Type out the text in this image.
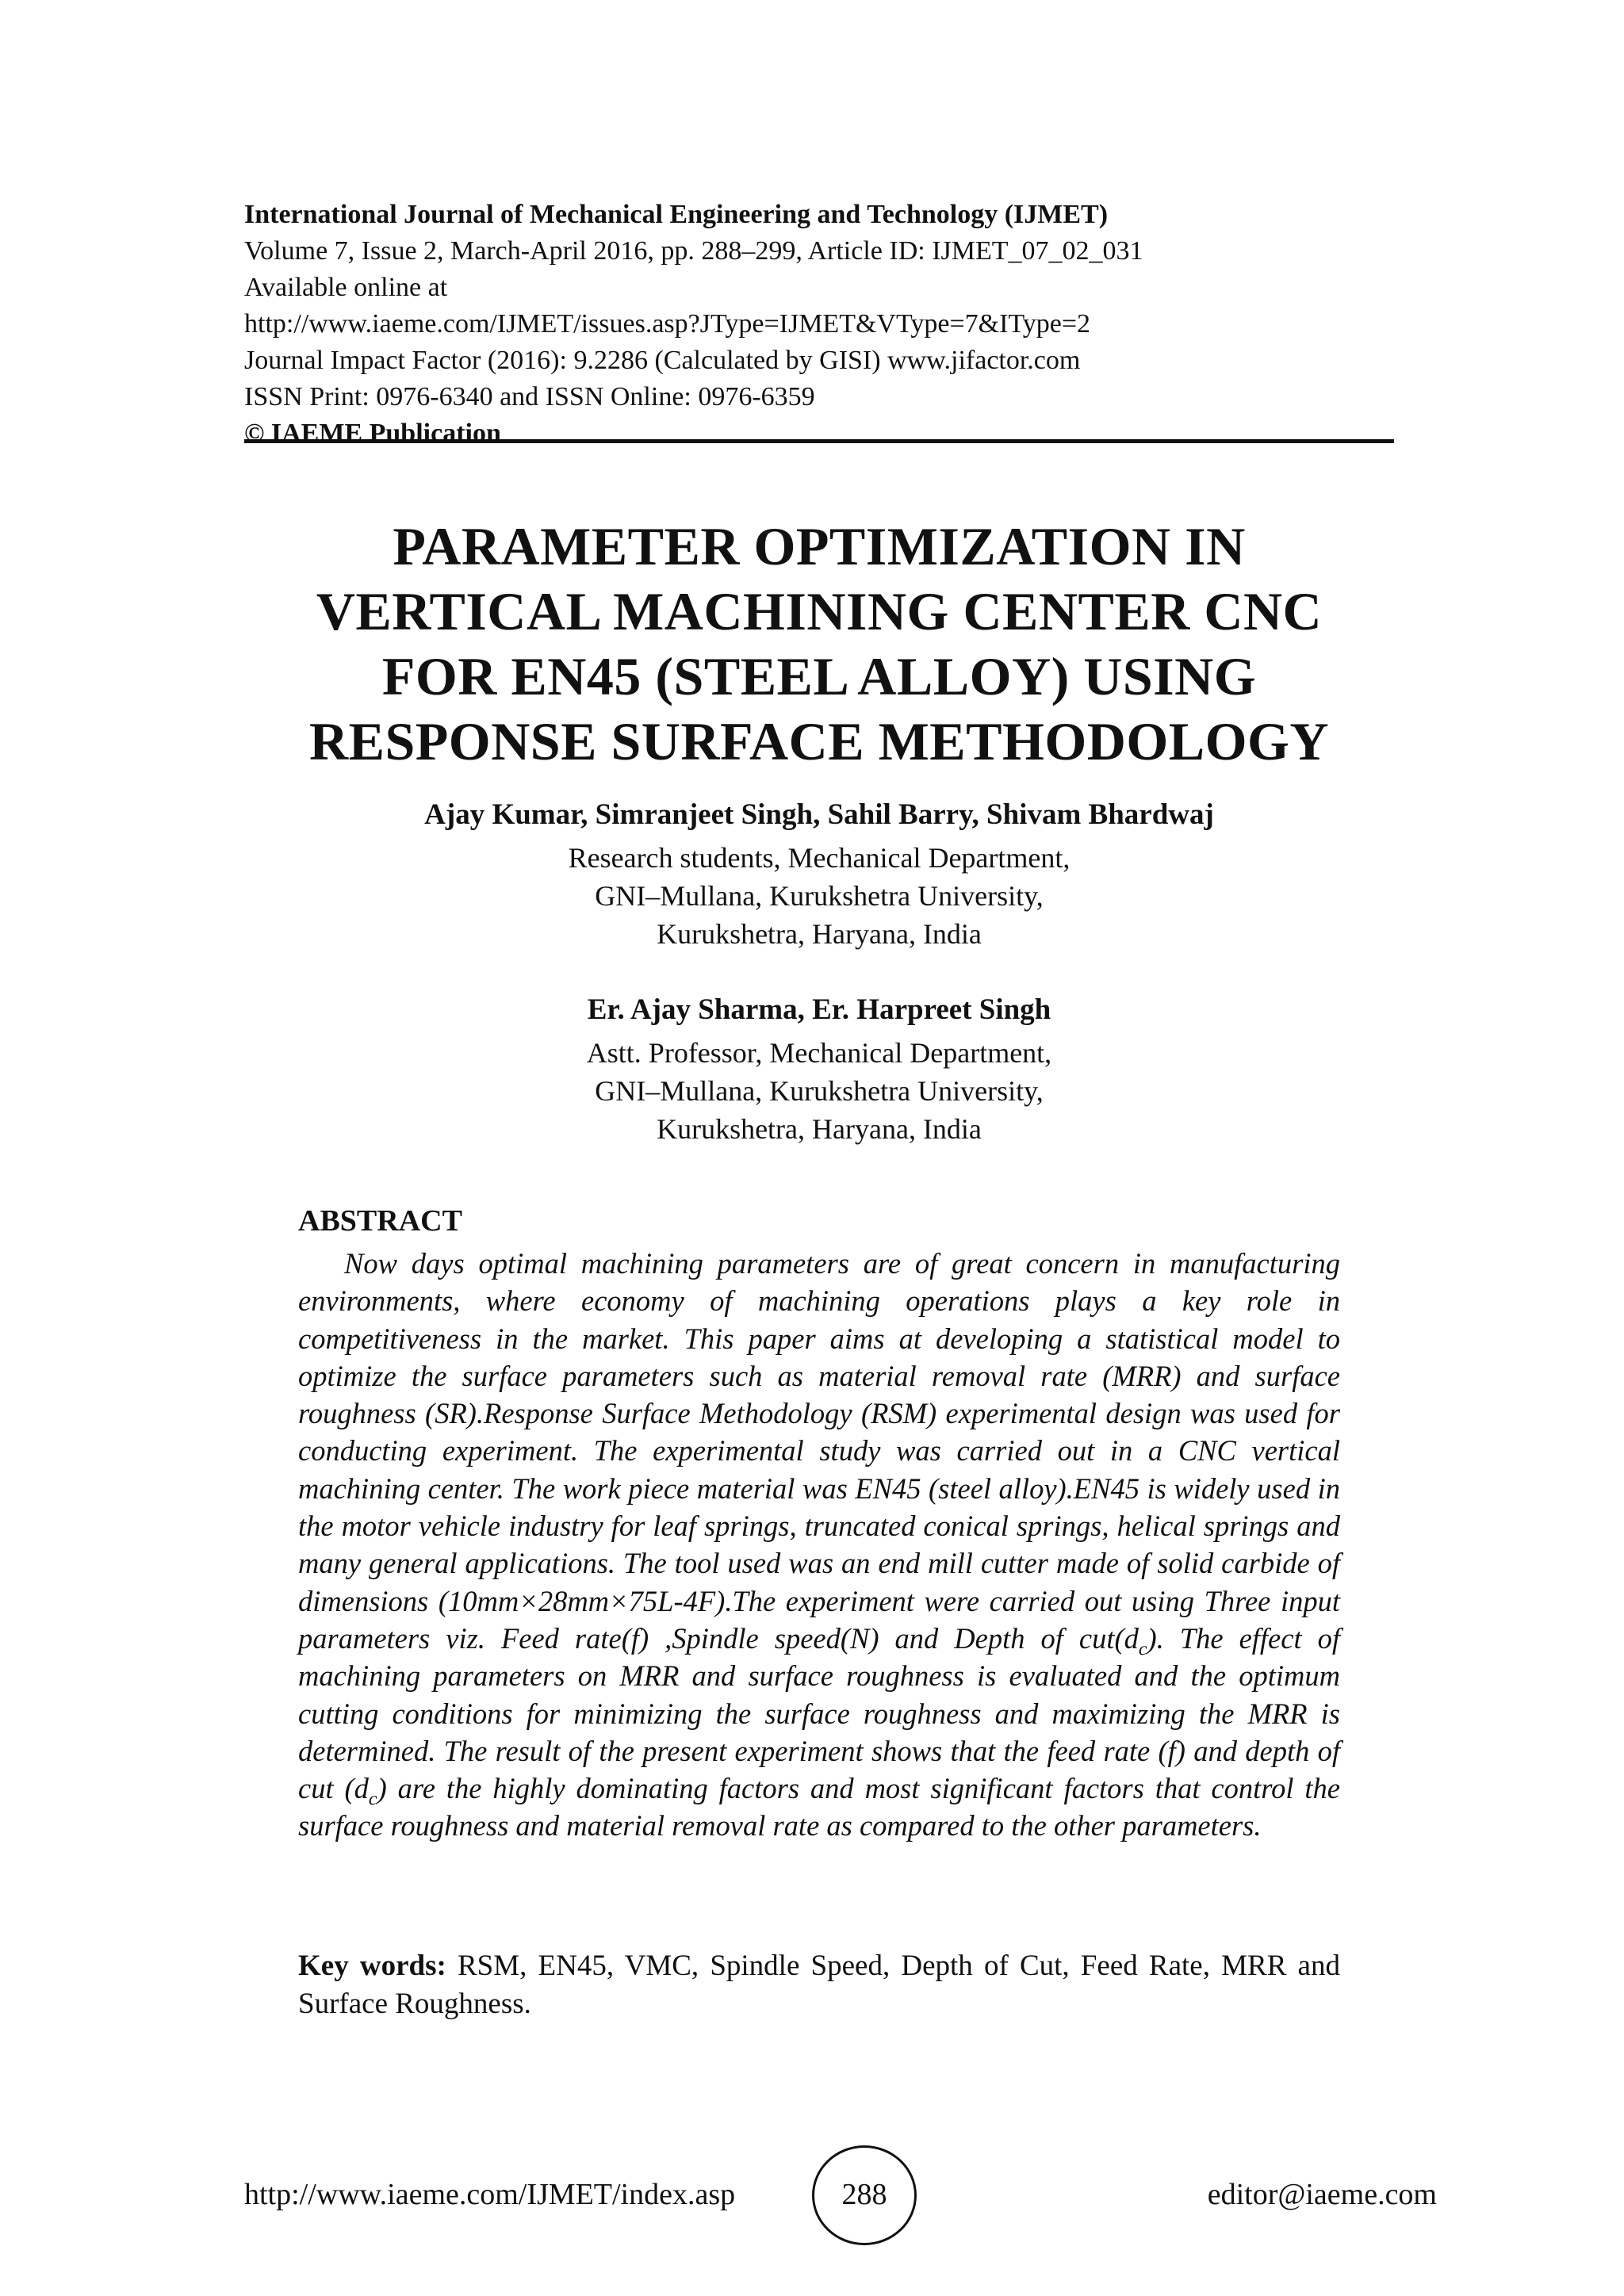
International Journal of Mechanical Engineering and Technology (IJMET)
Volume 7, Issue 2, March-April 2016, pp. 288–299, Article ID: IJMET_07_02_031
Available online at
http://www.iaeme.com/IJMET/issues.asp?JType=IJMET&VType=7&IType=2
Journal Impact Factor (2016): 9.2286 (Calculated by GISI) www.jifactor.com
ISSN Print: 0976-6340 and ISSN Online: 0976-6359
© IAEME Publication
PARAMETER OPTIMIZATION IN
VERTICAL MACHINING CENTER CNC
FOR EN45 (STEEL ALLOY) USING
RESPONSE SURFACE METHODOLOGY
Ajay Kumar, Simranjeet Singh, Sahil Barry, Shivam Bhardwaj
Research students, Mechanical Department,
GNI–Mullana, Kurukshetra University,
Kurukshetra, Haryana, India
Er. Ajay Sharma, Er. Harpreet Singh
Astt. Professor, Mechanical Department,
GNI–Mullana, Kurukshetra University,
Kurukshetra, Haryana, India
ABSTRACT
Now days optimal machining parameters are of great concern in manufacturing environments, where economy of machining operations plays a key role in competitiveness in the market. This paper aims at developing a statistical model to optimize the surface parameters such as material removal rate (MRR) and surface roughness (SR).Response Surface Methodology (RSM) experimental design was used for conducting experiment. The experimental study was carried out in a CNC vertical machining center. The work piece material was EN45 (steel alloy).EN45 is widely used in the motor vehicle industry for leaf springs, truncated conical springs, helical springs and many general applications. The tool used was an end mill cutter made of solid carbide of dimensions (10mm×28mm×75L-4F).The experiment were carried out using Three input parameters viz. Feed rate(f) ,Spindle speed(N) and Depth of $cut(d_c)$. The effect of machining parameters on MRR and surface roughness is evaluated and the optimum cutting conditions for minimizing the surface roughness and maximizing the MRR is determined. The result of the present experiment shows that the feed rate (f) and depth of cut $(d_c)$ are the highly dominating factors and most significant factors that control the surface roughness and material removal rate as compared to the other parameters.
Key words: RSM, EN45, VMC, Spindle Speed, Depth of Cut, Feed Rate, MRR and Surface Roughness.
http://www.iaeme.com/IJMET/index.asp	288	editor@iaeme.com
